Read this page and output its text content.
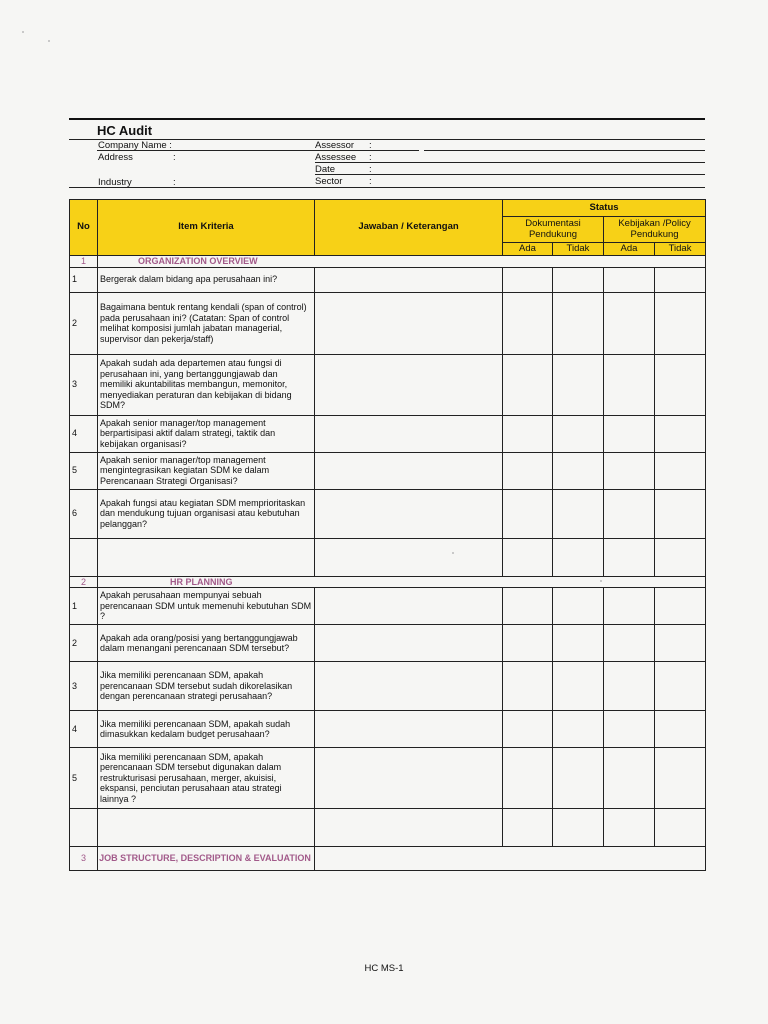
HC Audit
Company Name :
Address	:
Industry	:
Assessor :
Assessee :
Date	:
Sector	:
No	Item Kriteria	Jawaban / Keterangan	Status			
			Dokumentasi Pendukung		Kebijakan /Policy Pendukung	
			Ada	Tidak	Ada	Tidak
1	ORGANIZATION OVERVIEW					
1	Bergerak dalam bidang apa perusahaan ini?					
2	Bagaimana bentuk rentang kendali (span of control) pada perusahaan ini? (Catatan: Span of control melihat komposisi jumlah jabatan managerial, supervisor dan pekerja/staff)					
3	Apakah sudah ada departemen atau fungsi di perusahaan ini, yang bertanggungjawab dan memiliki akuntabilitas membangun, memonitor, menyediakan peraturan dan kebijakan di bidang SDM?					
4	Apakah senior manager/top management berpartisipasi aktif dalam strategi, taktik dan kebijakan organisasi?					
5	Apakah senior manager/top management mengintegrasikan kegiatan SDM ke dalam Perencanaan Strategi Organisasi?					
6	Apakah fungsi atau kegiatan SDM memprioritaskan dan mendukung tujuan organisasi atau kebutuhan pelanggan?					

2	HR PLANNING					
1	Apakah perusahaan mempunyai sebuah perencanaan SDM untuk memenuhi kebutuhan SDM ?					
2	Apakah ada orang/posisi yang bertanggungjawab dalam menangani perencanaan SDM tersebut?					
3	Jika memiliki perencanaan SDM, apakah perencanaan SDM tersebut sudah dikorelasikan dengan perencanaan strategi perusahaan?					
4	Jika memiliki perencanaan SDM, apakah sudah dimasukkan kedalam budget perusahaan?					
5	Jika memiliki perencanaan SDM, apakah perencanaan SDM tersebut digunakan dalam restrukturisasi perusahaan, merger, akuisisi, ekspansi, penciutan perusahaan atau strategi lainnya ?					

3	JOB STRUCTURE, DESCRIPTION & EVALUATION					
HC MS-1
